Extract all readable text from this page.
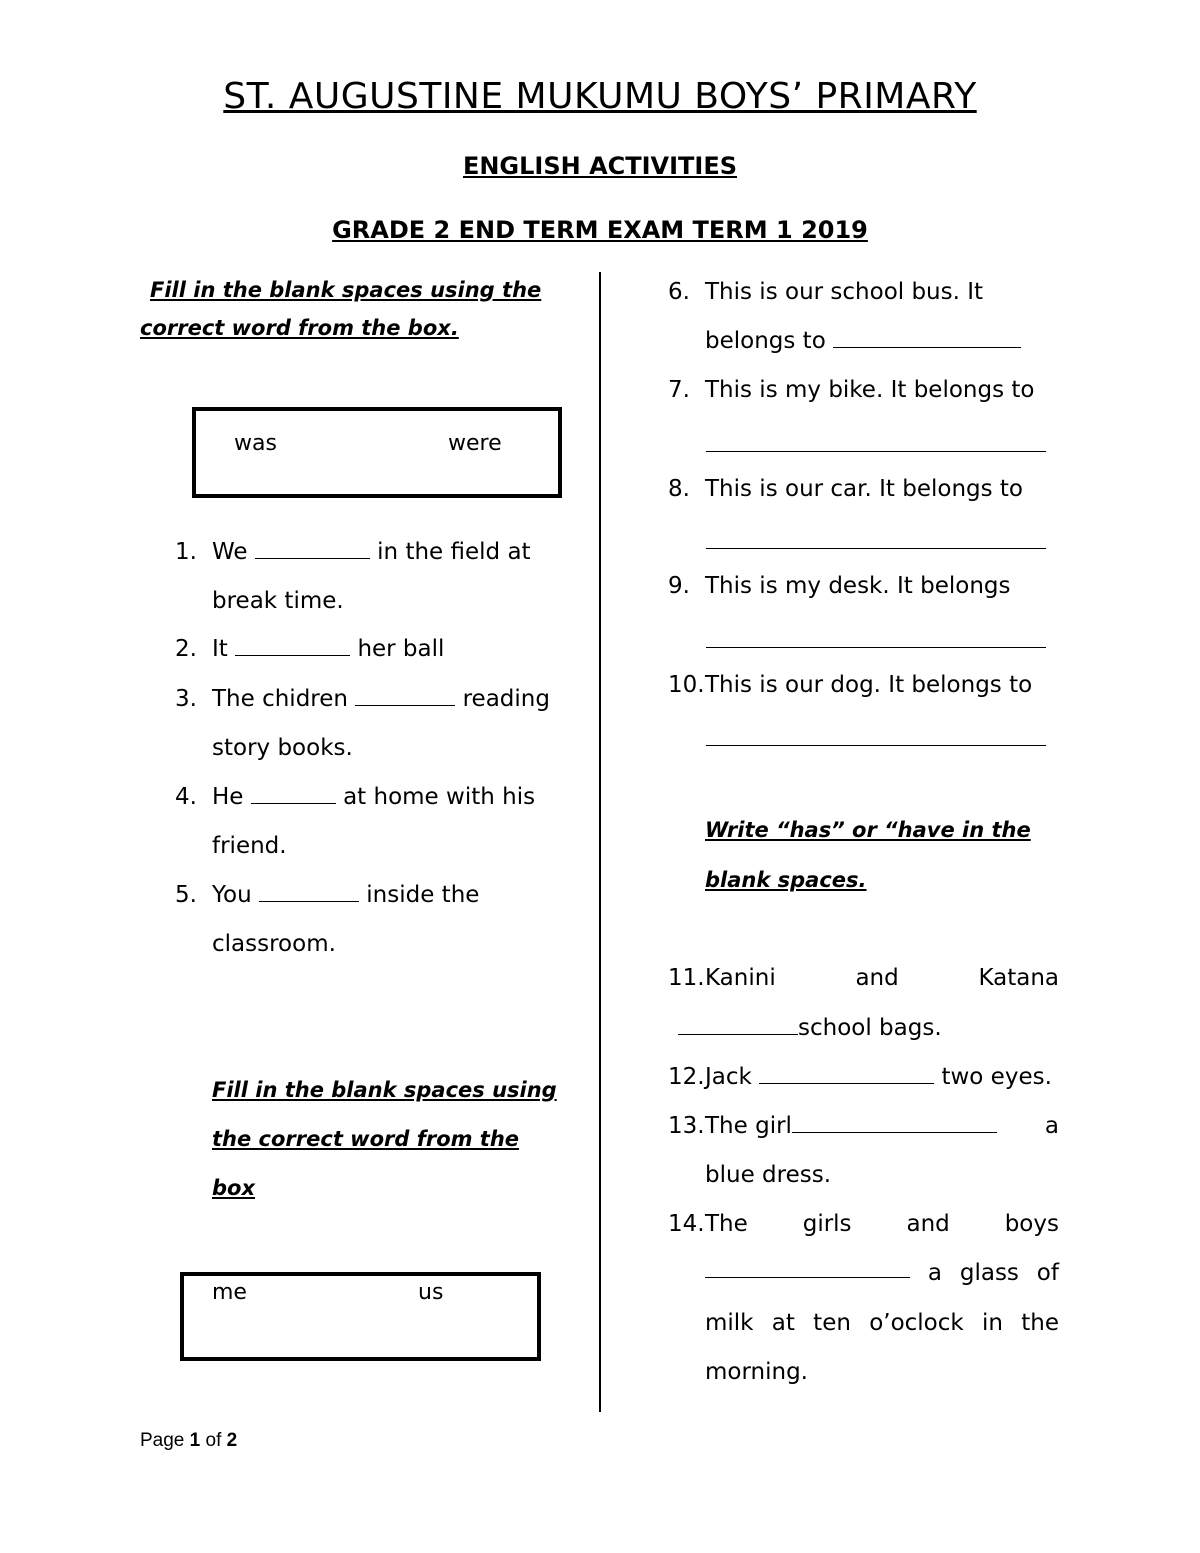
ST. AUGUSTINE MUKUMU BOYS’ PRIMARY
ENGLISH ACTIVITIES
GRADE 2 END TERM EXAM TERM 1 2019
Fill in the blank spaces using the
correct word from the box.
was	were
1. We	in the field at
break time.
2. It	her ball
3. The chidren	reading
story books.
4. He	at home with his
friend.
5. You	inside the
classroom.
Fill in the blank spaces using
the correct word from the
box
me	us
6. This is our school bus. It
belongs to
7. This is my bike. It belongs to
8. This is our car. It belongs to
9. This is my desk. It belongs
10. This is our dog. It belongs to
Write “has” or “have in the
blank spaces.
11. Kanini	and	Katana
school bags.
12. Jack	two eyes.
13. The girl	a
blue dress.
14. The girls and boys
a glass of
milk at ten o’oclock in the
morning.
Page 1 of 2
